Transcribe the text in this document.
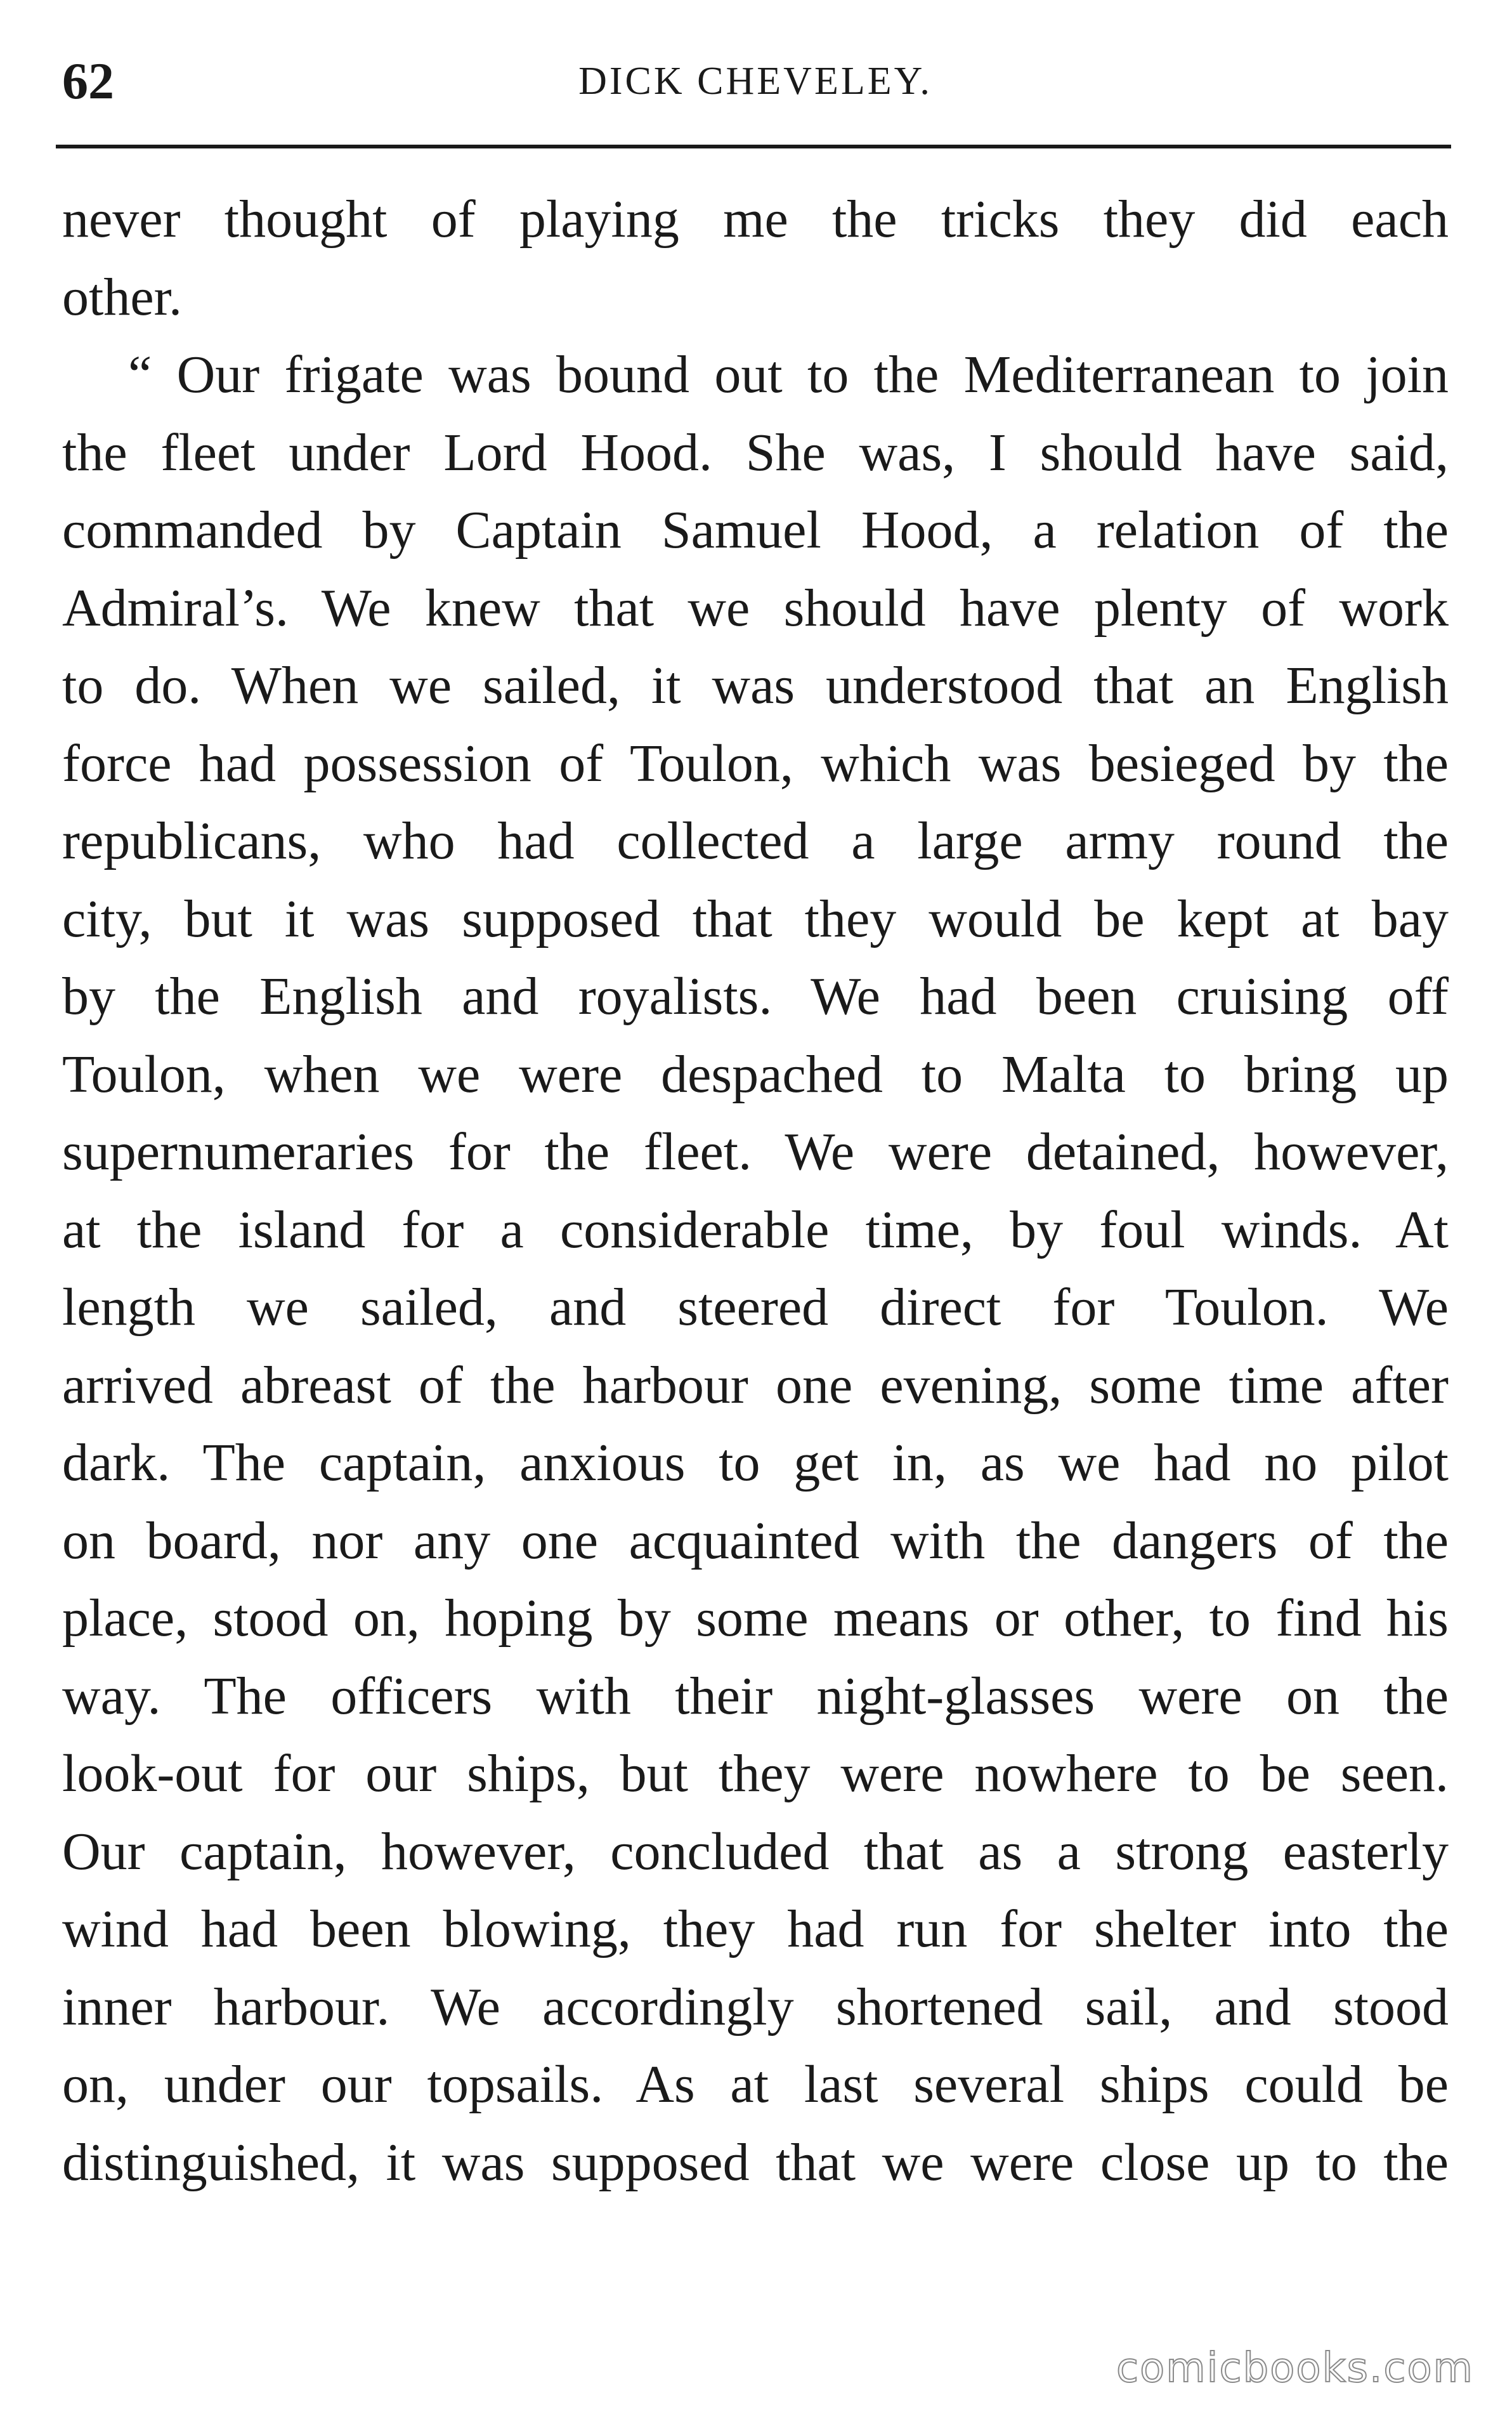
62	DICK CHEVELEY.
never thought of playing me the tricks they did each
other.
“ Our frigate was bound out to the Mediterranean to join
the fleet under Lord Hood. She was, I should have said,
commanded by Captain Samuel Hood, a relation of the
Admiral’s. We knew that we should have plenty of work
to do. When we sailed, it was understood that an English
force had possession of Toulon, which was besieged by the
republicans, who had collected a large army round the
city, but it was supposed that they would be kept at bay
by the English and royalists. We had been cruising off
Toulon, when we were despached to Malta to bring up
supernumeraries for the fleet. We were detained, however,
at the island for a considerable time, by foul winds. At
length we sailed, and steered direct for Toulon. We
arrived abreast of the harbour one evening, some time after
dark. The captain, anxious to get in, as we had no pilot
on board, nor any one acquainted with the dangers of the
place, stood on, hoping by some means or other, to find his
way. The officers with their night-glasses were on the
look-out for our ships, but they were nowhere to be seen.
Our captain, however, concluded that as a strong easterly
wind had been blowing, they had run for shelter into the
inner harbour. We accordingly shortened sail, and stood
on, under our topsails. As at last several ships could be
distinguished, it was supposed that we were close up to the
comicbooks.com
